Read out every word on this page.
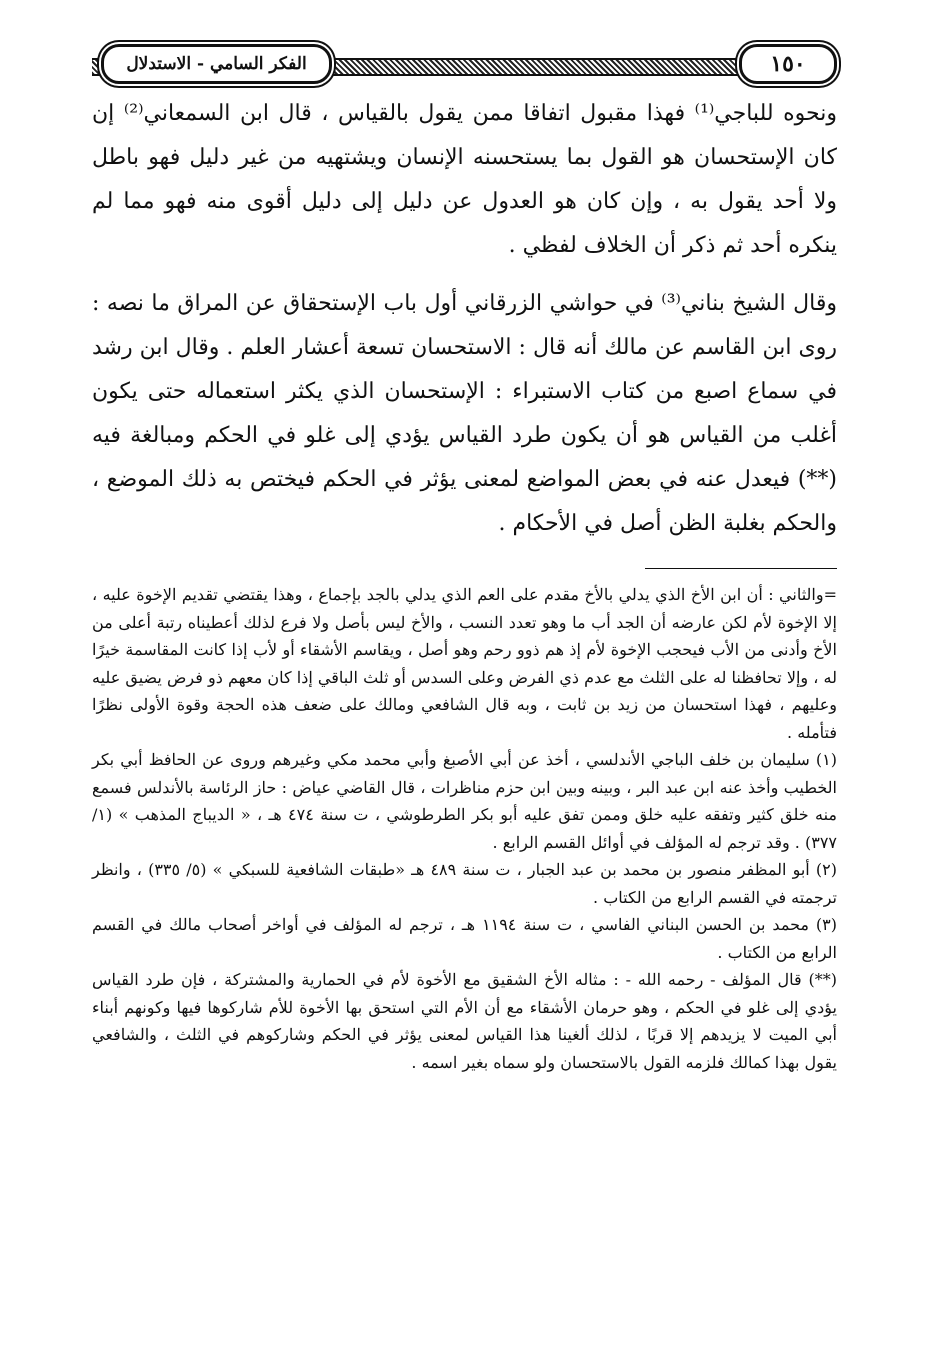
١٥٠
الفكر السامي - الاستدلال

ونحوه للباجي⁽¹⁾ فهذا مقبول اتفاقا ممن يقول بالقياس ، قال ابن السمعاني⁽²⁾ إن كان الإستحسان هو القول بما يستحسنه الإنسان ويشتهيه من غير دليل فهو باطل ولا أحد يقول به ، وإن كان هو العدول عن دليل إلى دليل أقوى منه فهو مما لم ينكره أحد ثم ذكر أن الخلاف لفظي .

وقال الشيخ بناني⁽³⁾ في حواشي الزرقاني أول باب الإستحقاق عن المراق ما نصه : روى ابن القاسم عن مالك أنه قال : الاستحسان تسعة أعشار العلم . وقال ابن رشد في سماع اصبع من كتاب الاستبراء : الإستحسان الذي يكثر استعماله حتى يكون أغلب من القياس هو أن يكون طرد القياس يؤدي إلى غلو في الحكم ومبالغة فيه (**) فيعدل عنه في بعض المواضع لمعنى يؤثر في الحكم فيختص به ذلك الموضع ، والحكم بغلبة الظن أصل في الأحكام .

=والثاني : أن ابن الأخ الذي يدلي بالأخ مقدم على العم الذي يدلي بالجد بإجماع ، وهذا يقتضي تقديم الإخوة عليه ، إلا الإخوة لأم لكن عارضه أن الجد أب ما وهو تعدد النسب ، والأخ ليس بأصل ولا فرع لذلك أعطيناه رتبة أعلى من الأخ وأدنى من الأب فيحجب الإخوة لأم إذ هم ذوو رحم وهو أصل ، ويقاسم الأشقاء أو لأب إذا كانت المقاسمة خيرًا له ، وإلا تحافظنا له على الثلث مع عدم ذي الفرض وعلى السدس أو ثلث الباقي إذا كان معهم ذو فرض يضيق عليه وعليهم ، فهذا استحسان من زيد بن ثابت ، وبه قال الشافعي ومالك على ضعف هذه الحجة وقوة الأولى نظرًا فتأمله .

(١) سليمان بن خلف الباجي الأندلسي ، أخذ عن أبي الأصبغ وأبي محمد مكي وغيرهم وروى عن الحافظ أبي بكر الخطيب وأخذ عنه ابن عبد البر ، وبينه وبين ابن حزم مناظرات ، قال القاضي عياض : حاز الرئاسة بالأندلس فسمع منه خلق كثير وتفقه عليه خلق وممن تفق عليه أبو بكر الطرطوشي ، ت سنة ٤٧٤ هـ ، « الديباج المذهب » (١/ ٣٧٧) . وقد ترجم له المؤلف في أوائل القسم الرابع .

(٢) أبو المظفر منصور بن محمد بن عبد الجبار ، ت سنة ٤٨٩ هـ «طبقات الشافعية للسبكي » (٥/ ٣٣٥) ، وانظر ترجمته في القسم الرابع من الكتاب .

(٣) محمد بن الحسن البناني الفاسي ، ت سنة ١١٩٤ هـ ، ترجم له المؤلف في أواخر أصحاب مالك في القسم الرابع من الكتاب .

(**) قال المؤلف - رحمه الله - : مثاله الأخ الشقيق مع الأخوة لأم في الحمارية والمشتركة ، فإن طرد القياس يؤدي إلى غلو في الحكم ، وهو حرمان الأشقاء مع أن الأم التي استحق بها الأخوة للأم شاركوها فيها وكونهم أبناء أبي الميت لا يزيدهم إلا قربًا ، لذلك ألغينا هذا القياس لمعنى يؤثر في الحكم وشاركوهم في الثلث ، والشافعي يقول بهذا كمالك فلزمه القول بالاستحسان ولو سماه بغير اسمه .
